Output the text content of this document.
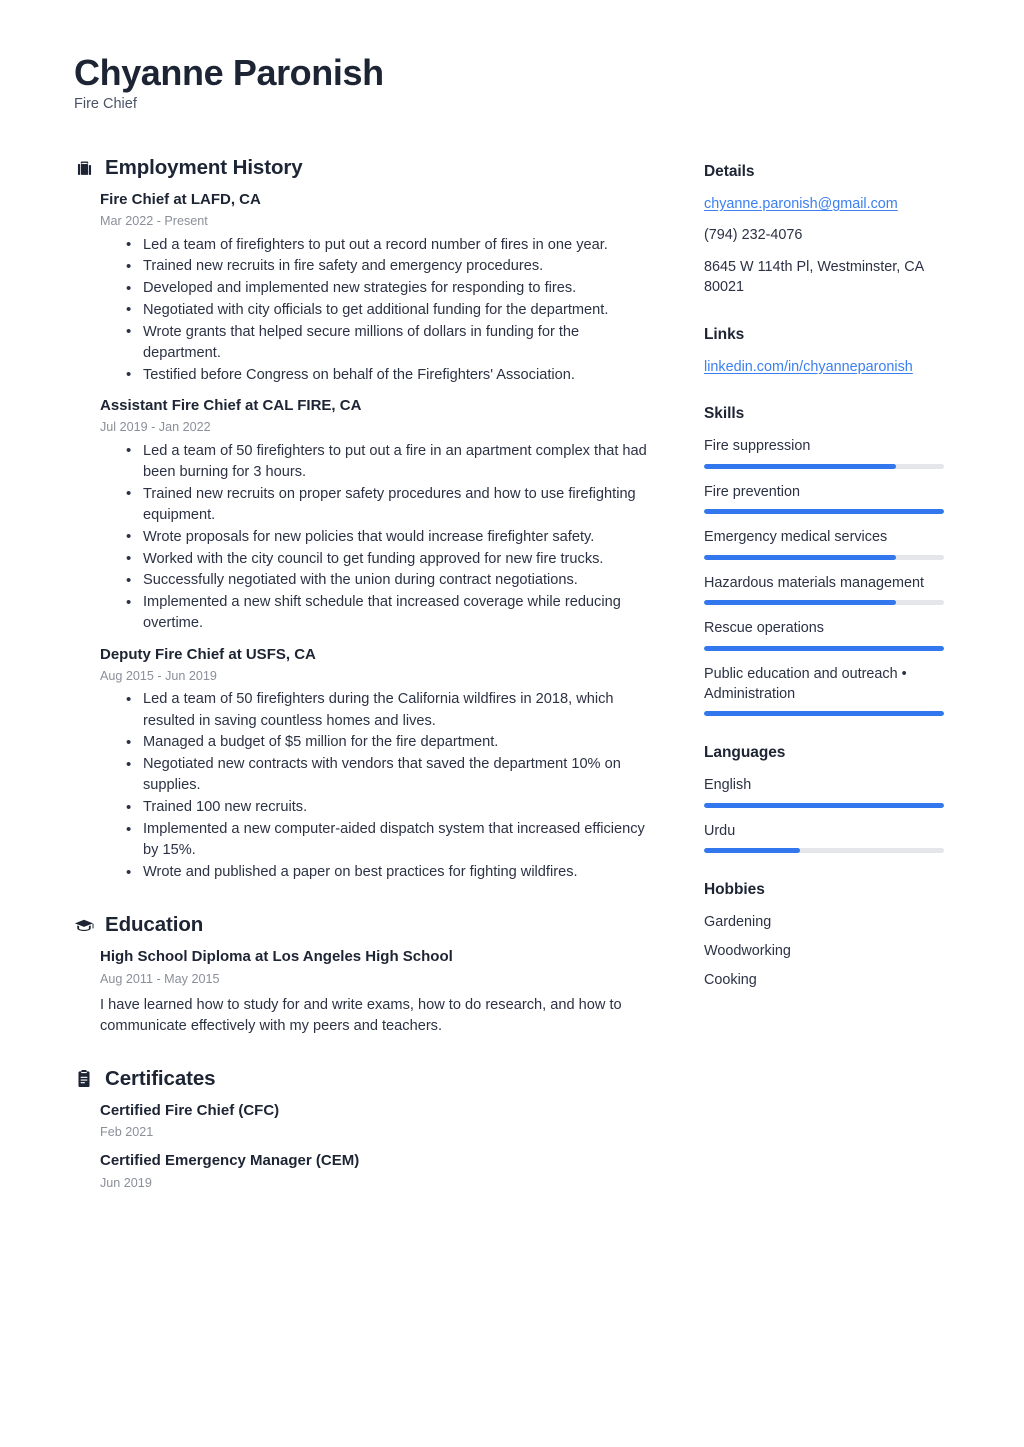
Chyanne Paronish
Fire Chief
Employment History
Fire Chief at LAFD, CA
Mar 2022 - Present
• Led a team of firefighters to put out a record number of fires in one year.
• Trained new recruits in fire safety and emergency procedures.
• Developed and implemented new strategies for responding to fires.
• Negotiated with city officials to get additional funding for the department.
• Wrote grants that helped secure millions of dollars in funding for the department.
• Testified before Congress on behalf of the Firefighters' Association.
Assistant Fire Chief at CAL FIRE, CA
Jul 2019 - Jan 2022
• Led a team of 50 firefighters to put out a fire in an apartment complex that had been burning for 3 hours.
• Trained new recruits on proper safety procedures and how to use firefighting equipment.
• Wrote proposals for new policies that would increase firefighter safety.
• Worked with the city council to get funding approved for new fire trucks.
• Successfully negotiated with the union during contract negotiations.
• Implemented a new shift schedule that increased coverage while reducing overtime.
Deputy Fire Chief at USFS, CA
Aug 2015 - Jun 2019
• Led a team of 50 firefighters during the California wildfires in 2018, which resulted in saving countless homes and lives.
• Managed a budget of $5 million for the fire department.
• Negotiated new contracts with vendors that saved the department 10% on supplies.
• Trained 100 new recruits.
• Implemented a new computer-aided dispatch system that increased efficiency by 15%.
• Wrote and published a paper on best practices for fighting wildfires.
Education
High School Diploma at Los Angeles High School
Aug 2011 - May 2015
I have learned how to study for and write exams, how to do research, and how to communicate effectively with my peers and teachers.
Certificates
Certified Fire Chief (CFC)
Feb 2021
Certified Emergency Manager (CEM)
Jun 2019
Details
chyanne.paronish@gmail.com
(794) 232-4076
8645 W 114th Pl, Westminster, CA 80021
Links
linkedin.com/in/chyanneparonish
Skills
Fire suppression
Fire prevention
Emergency medical services
Hazardous materials management
Rescue operations
Public education and outreach • Administration
Languages
English
Urdu
Hobbies
Gardening
Woodworking
Cooking
